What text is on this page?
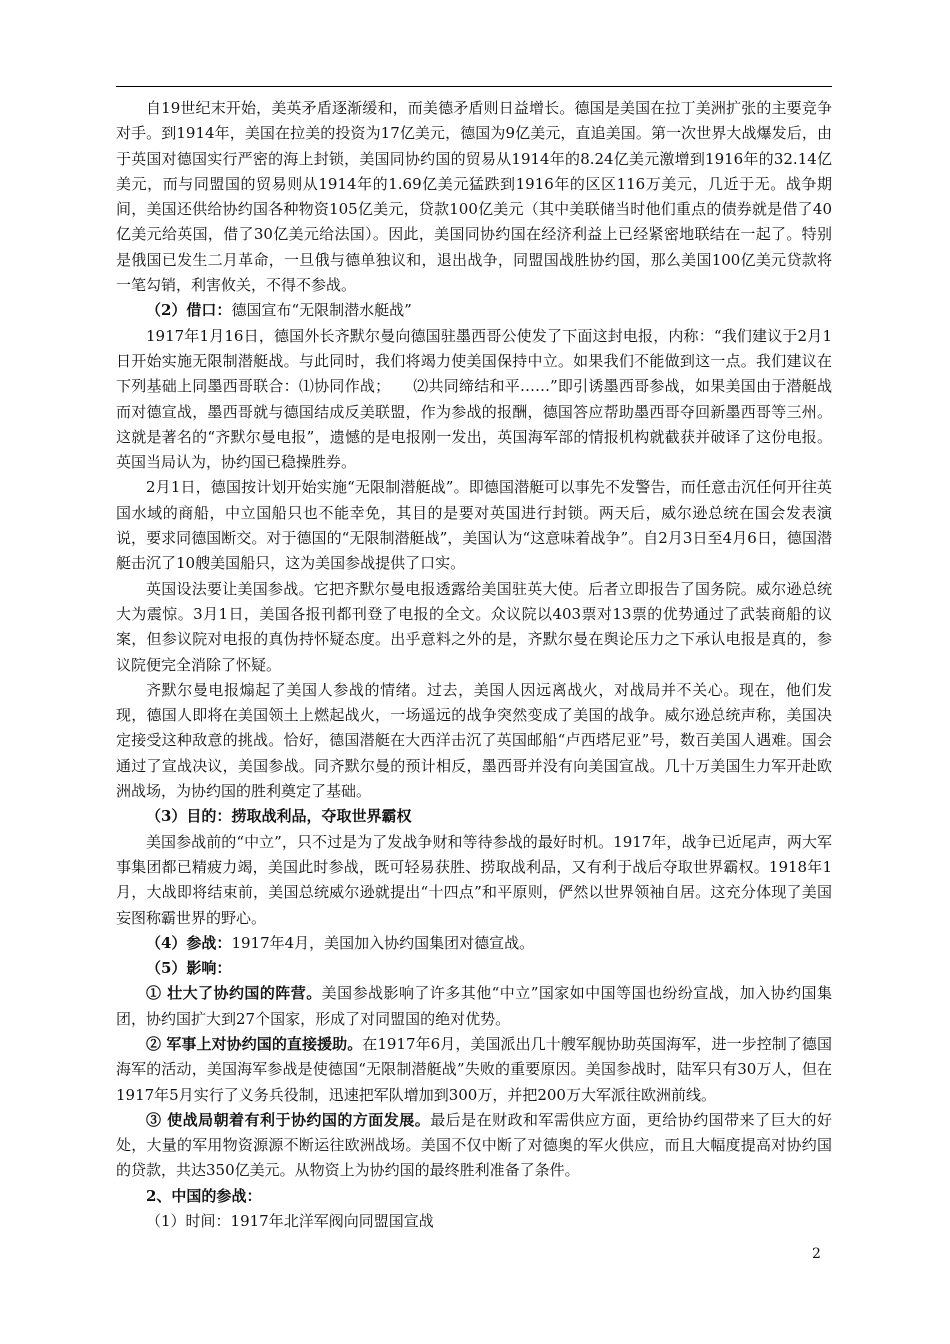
自19世纪末开始，美英矛盾逐渐缓和，而美德矛盾则日益增长。德国是美国在拉丁美洲扩张的主要竞争对手。到1914年，美国在拉美的投资为17亿美元，德国为9亿美元，直追美国。第一次世界大战爆发后，由于英国对德国实行严密的海上封锁，美国同协约国的贸易从1914年的8.24亿美元激增到1916年的32.14亿美元，而与同盟国的贸易则从1914年的1.69亿美元猛跌到1916年的区区116万美元，几近于无。战争期间，美国还供给协约国各种物资105亿美元，贷款100亿美元（其中美联储当时他们重点的债券就是借了40亿美元给英国，借了30亿美元给法国）。因此，美国同协约国在经济利益上已经紧密地联结在一起了。特别是俄国已发生二月革命，一旦俄与德单独议和，退出战争，同盟国战胜协约国，那么美国100亿美元贷款将一笔勾销，利害攸关，不得不参战。

（2）借口：德国宣布“无限制潜水艇战”

1917年1月16日，德国外长齐默尔曼向德国驻墨西哥公使发了下面这封电报，内称：“我们建议于2月1日开始实施无限制潜艇战。与此同时，我们将竭力使美国保持中立。如果我们不能做到这一点。我们建议在下列基础上同墨西哥联合：⑴协同作战；　　⑵共同缔结和平……”即引诱墨西哥参战，如果美国由于潜艇战而对德宣战，墨西哥就与德国结成反美联盟，作为参战的报酬，德国答应帮助墨西哥夺回新墨西哥等三州。这就是著名的“齐默尔曼电报”，遗憾的是电报刚一发出，英国海军部的情报机构就截获并破译了这份电报。英国当局认为，协约国已稳操胜券。

2月1日，德国按计划开始实施“无限制潜艇战”。即德国潜艇可以事先不发警告，而任意击沉任何开往英国水域的商船，中立国船只也不能幸免，其目的是要对英国进行封锁。两天后，威尔逊总统在国会发表演说，要求同德国断交。对于德国的“无限制潜艇战”，美国认为“这意味着战争”。自2月3日至4月6日，德国潜艇击沉了10艘美国船只，这为美国参战提供了口实。

英国设法要让美国参战。它把齐默尔曼电报透露给美国驻英大使。后者立即报告了国务院。威尔逊总统大为震惊。3月1日，美国各报刊都刊登了电报的全文。众议院以403票对13票的优势通过了武装商船的议案，但参议院对电报的真伪持怀疑态度。出乎意料之外的是，齐默尔曼在舆论压力之下承认电报是真的，参议院便完全消除了怀疑。

齐默尔曼电报煽起了美国人参战的情绪。过去，美国人因远离战火，对战局并不关心。现在，他们发现，德国人即将在美国领土上燃起战火，一场遥远的战争突然变成了美国的战争。威尔逊总统声称，美国决定接受这种敌意的挑战。恰好，德国潜艇在大西洋击沉了英国邮船“卢西塔尼亚”号，数百美国人遇难。国会通过了宣战决议，美国参战。同齐默尔曼的预计相反，墨西哥并没有向美国宣战。几十万美国生力军开赴欧洲战场，为协约国的胜利奠定了基础。

（3）目的：捞取战利品，夺取世界霸权

美国参战前的“中立”，只不过是为了发战争财和等待参战的最好时机。1917年，战争已近尾声，两大军事集团都已精疲力竭，美国此时参战，既可轻易获胜、捞取战利品，又有利于战后夺取世界霸权。1918年1月，大战即将结束前，美国总统威尔逊就提出“十四点”和平原则，俨然以世界领袖自居。这充分体现了美国妄图称霸世界的野心。

（4）参战：1917年4月，美国加入协约国集团对德宣战。

（5）影响：

① 壮大了协约国的阵营。美国参战影响了许多其他“中立”国家如中国等国也纷纷宣战，加入协约国集团，协约国扩大到27个国家，形成了对同盟国的绝对优势。

② 军事上对协约国的直接援助。在1917年6月，美国派出几十艘军舰协助英国海军，进一步控制了德国海军的活动，美国海军参战是使德国“无限制潜艇战”失败的重要原因。美国参战时，陆军只有30万人，但在1917年5月实行了义务兵役制，迅速把军队增加到300万，并把200万大军派往欧洲前线。

③ 使战局朝着有利于协约国的方面发展。最后是在财政和军需供应方面，更给协约国带来了巨大的好处，大量的军用物资源源不断运往欧洲战场。美国不仅中断了对德奥的军火供应，而且大幅度提高对协约国的贷款，共达350亿美元。从物资上为协约国的最终胜利准备了条件。

2、中国的参战：

（1）时间：1917年北洋军阀向同盟国宣战

2
